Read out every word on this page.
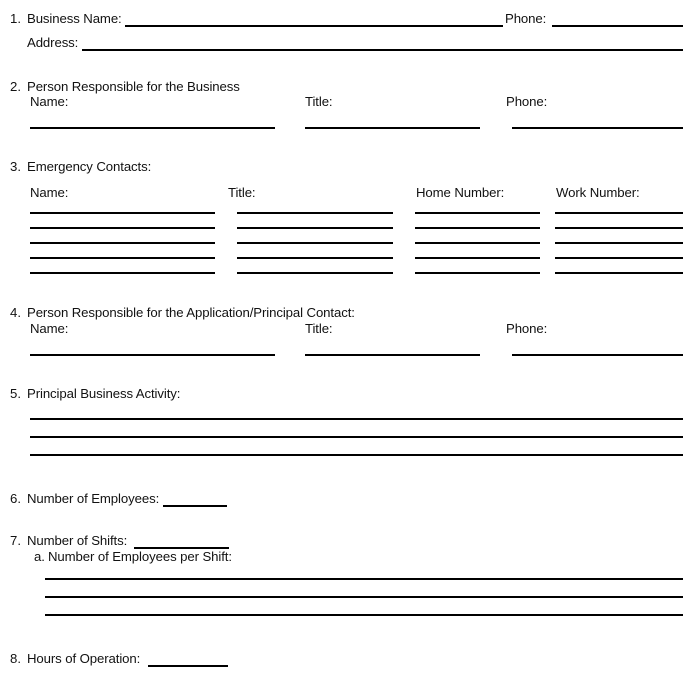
1. Business Name:	Phone:
Address:
2. Person Responsible for the Business
Name:	Title:	Phone:
3. Emergency Contacts:
Name:	Title:	Home Number:	Work Number:
4. Person Responsible for the Application/Principal Contact:
Name:	Title:	Phone:
5. Principal Business Activity:
6. Number of Employees:
7. Number of Shifts:
a. Number of Employees per Shift:
8. Hours of Operation:
